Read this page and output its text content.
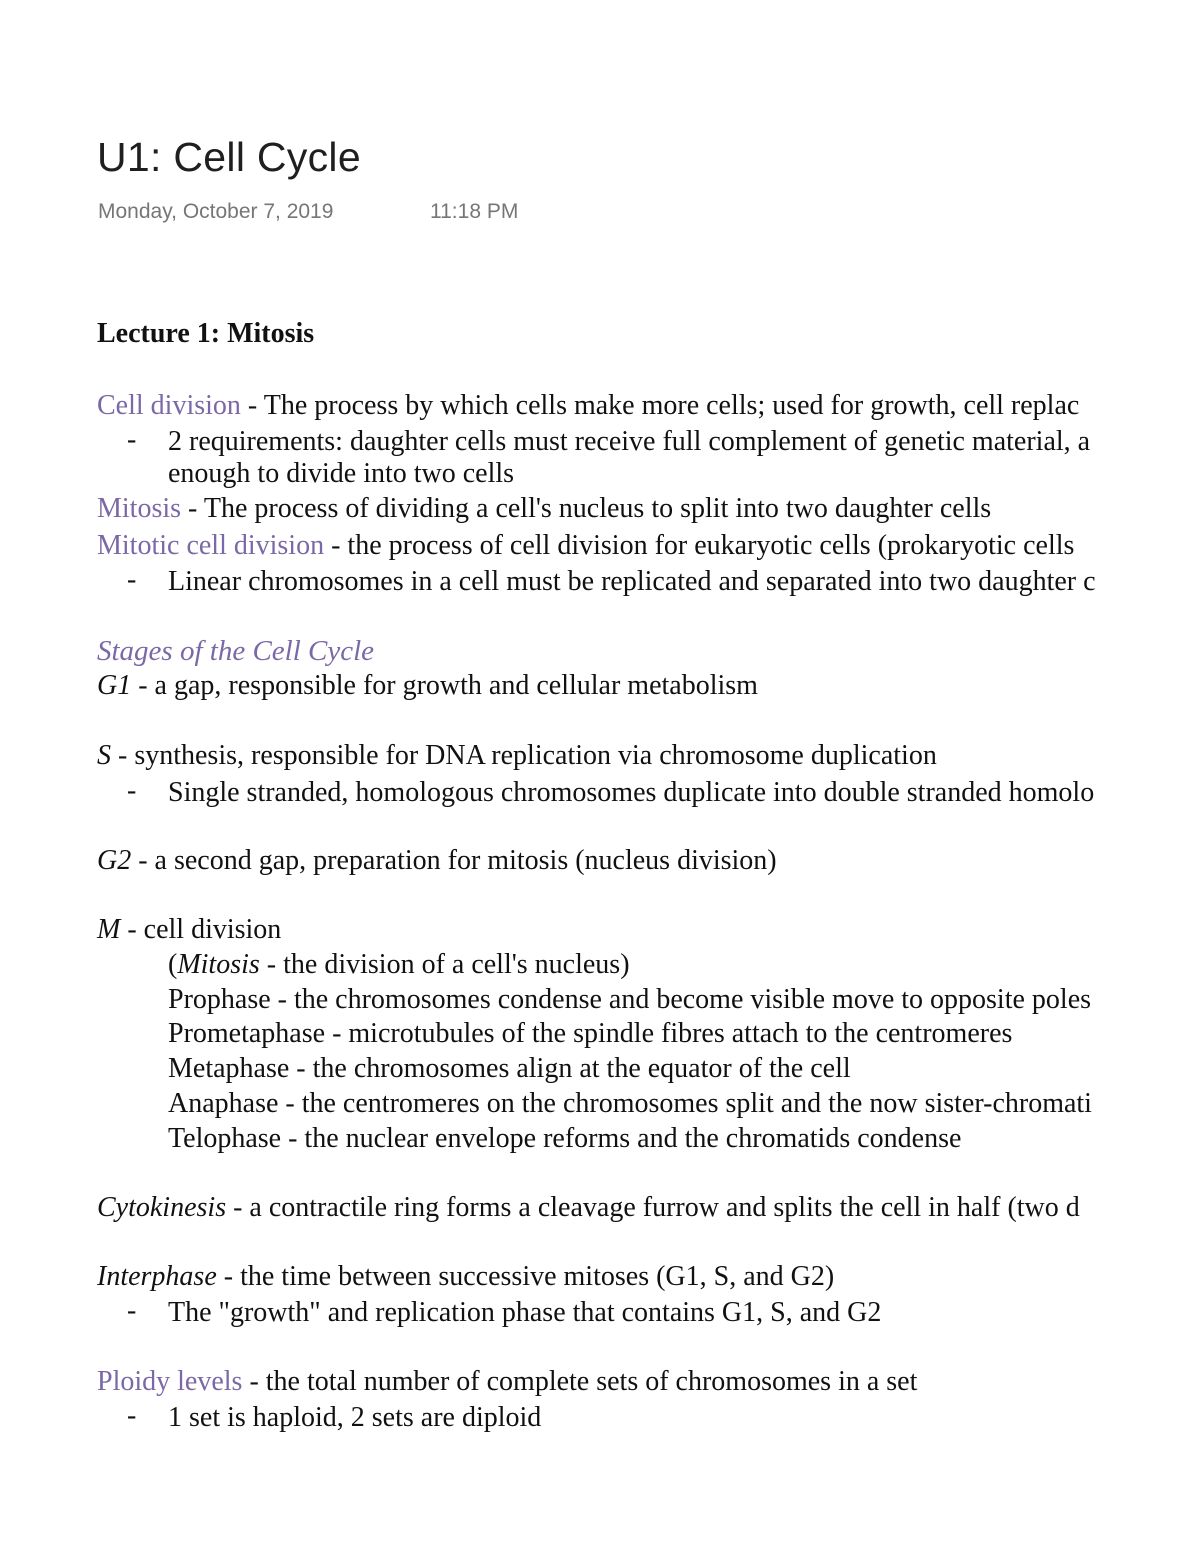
U1: Cell Cycle
Monday, October 7, 2019	11:18 PM
Lecture 1: Mitosis
Cell division - The process by which cells make more cells; used for growth, cell replac
- 2 requirements: daughter cells must receive full complement of genetic material, a
enough to divide into two cells
Mitosis - The process of dividing a cell's nucleus to split into two daughter cells
Mitotic cell division - the process of cell division for eukaryotic cells (prokaryotic cells
- Linear chromosomes in a cell must be replicated and separated into two daughter c
Stages of the Cell Cycle
G1 - a gap, responsible for growth and cellular metabolism
S - synthesis, responsible for DNA replication via chromosome duplication
- Single stranded, homologous chromosomes duplicate into double stranded homolo
G2 - a second gap, preparation for mitosis (nucleus division)
M - cell division
(Mitosis - the division of a cell's nucleus)
Prophase - the chromosomes condense and become visible move to opposite poles
Prometaphase - microtubules of the spindle fibres attach to the centromeres
Metaphase - the chromosomes align at the equator of the cell
Anaphase - the centromeres on the chromosomes split and the now sister-chromati
Telophase - the nuclear envelope reforms and the chromatids condense
Cytokinesis - a contractile ring forms a cleavage furrow and splits the cell in half (two d
Interphase - the time between successive mitoses (G1, S, and G2)
- The "growth" and replication phase that contains G1, S, and G2
Ploidy levels - the total number of complete sets of chromosomes in a set
- 1 set is haploid, 2 sets are diploid
